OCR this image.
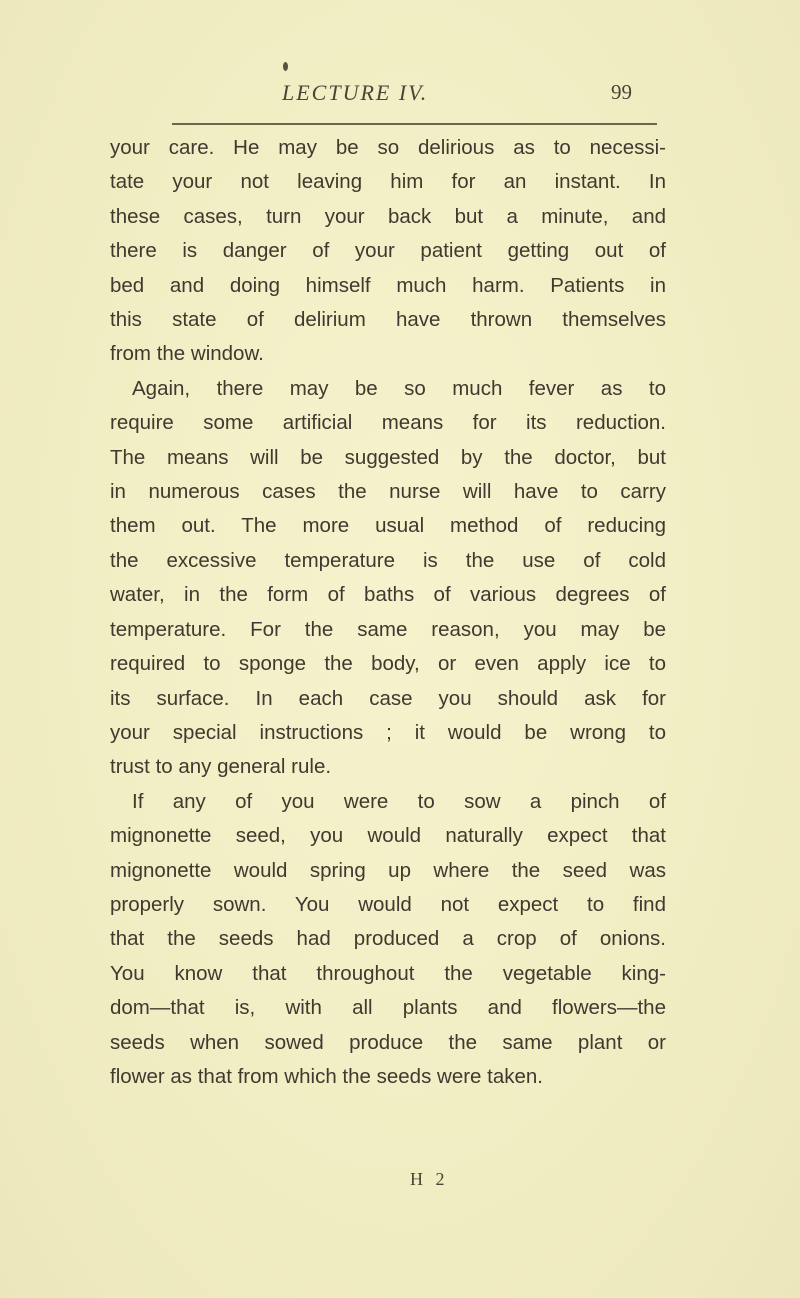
LECTURE IV.	99
your care. He may be so delirious as to necessi-
tate your not leaving him for an instant. In
these cases, turn your back but a minute, and
there is danger of your patient getting out of
bed and doing himself much harm. Patients in
this state of delirium have thrown themselves
from the window.
Again, there may be so much fever as to
require some artificial means for its reduction.
The means will be suggested by the doctor, but
in numerous cases the nurse will have to carry
them out. The more usual method of reducing
the excessive temperature is the use of cold
water, in the form of baths of various degrees of
temperature. For the same reason, you may be
required to sponge the body, or even apply ice to
its surface. In each case you should ask for
your special instructions ; it would be wrong to
trust to any general rule.
If any of you were to sow a pinch of
mignonette seed, you would naturally expect that
mignonette would spring up where the seed was
properly sown. You would not expect to find
that the seeds had produced a crop of onions.
You know that throughout the vegetable king-
dom—that is, with all plants and flowers—the
seeds when sowed produce the same plant or
flower as that from which the seeds were taken.
H 2
